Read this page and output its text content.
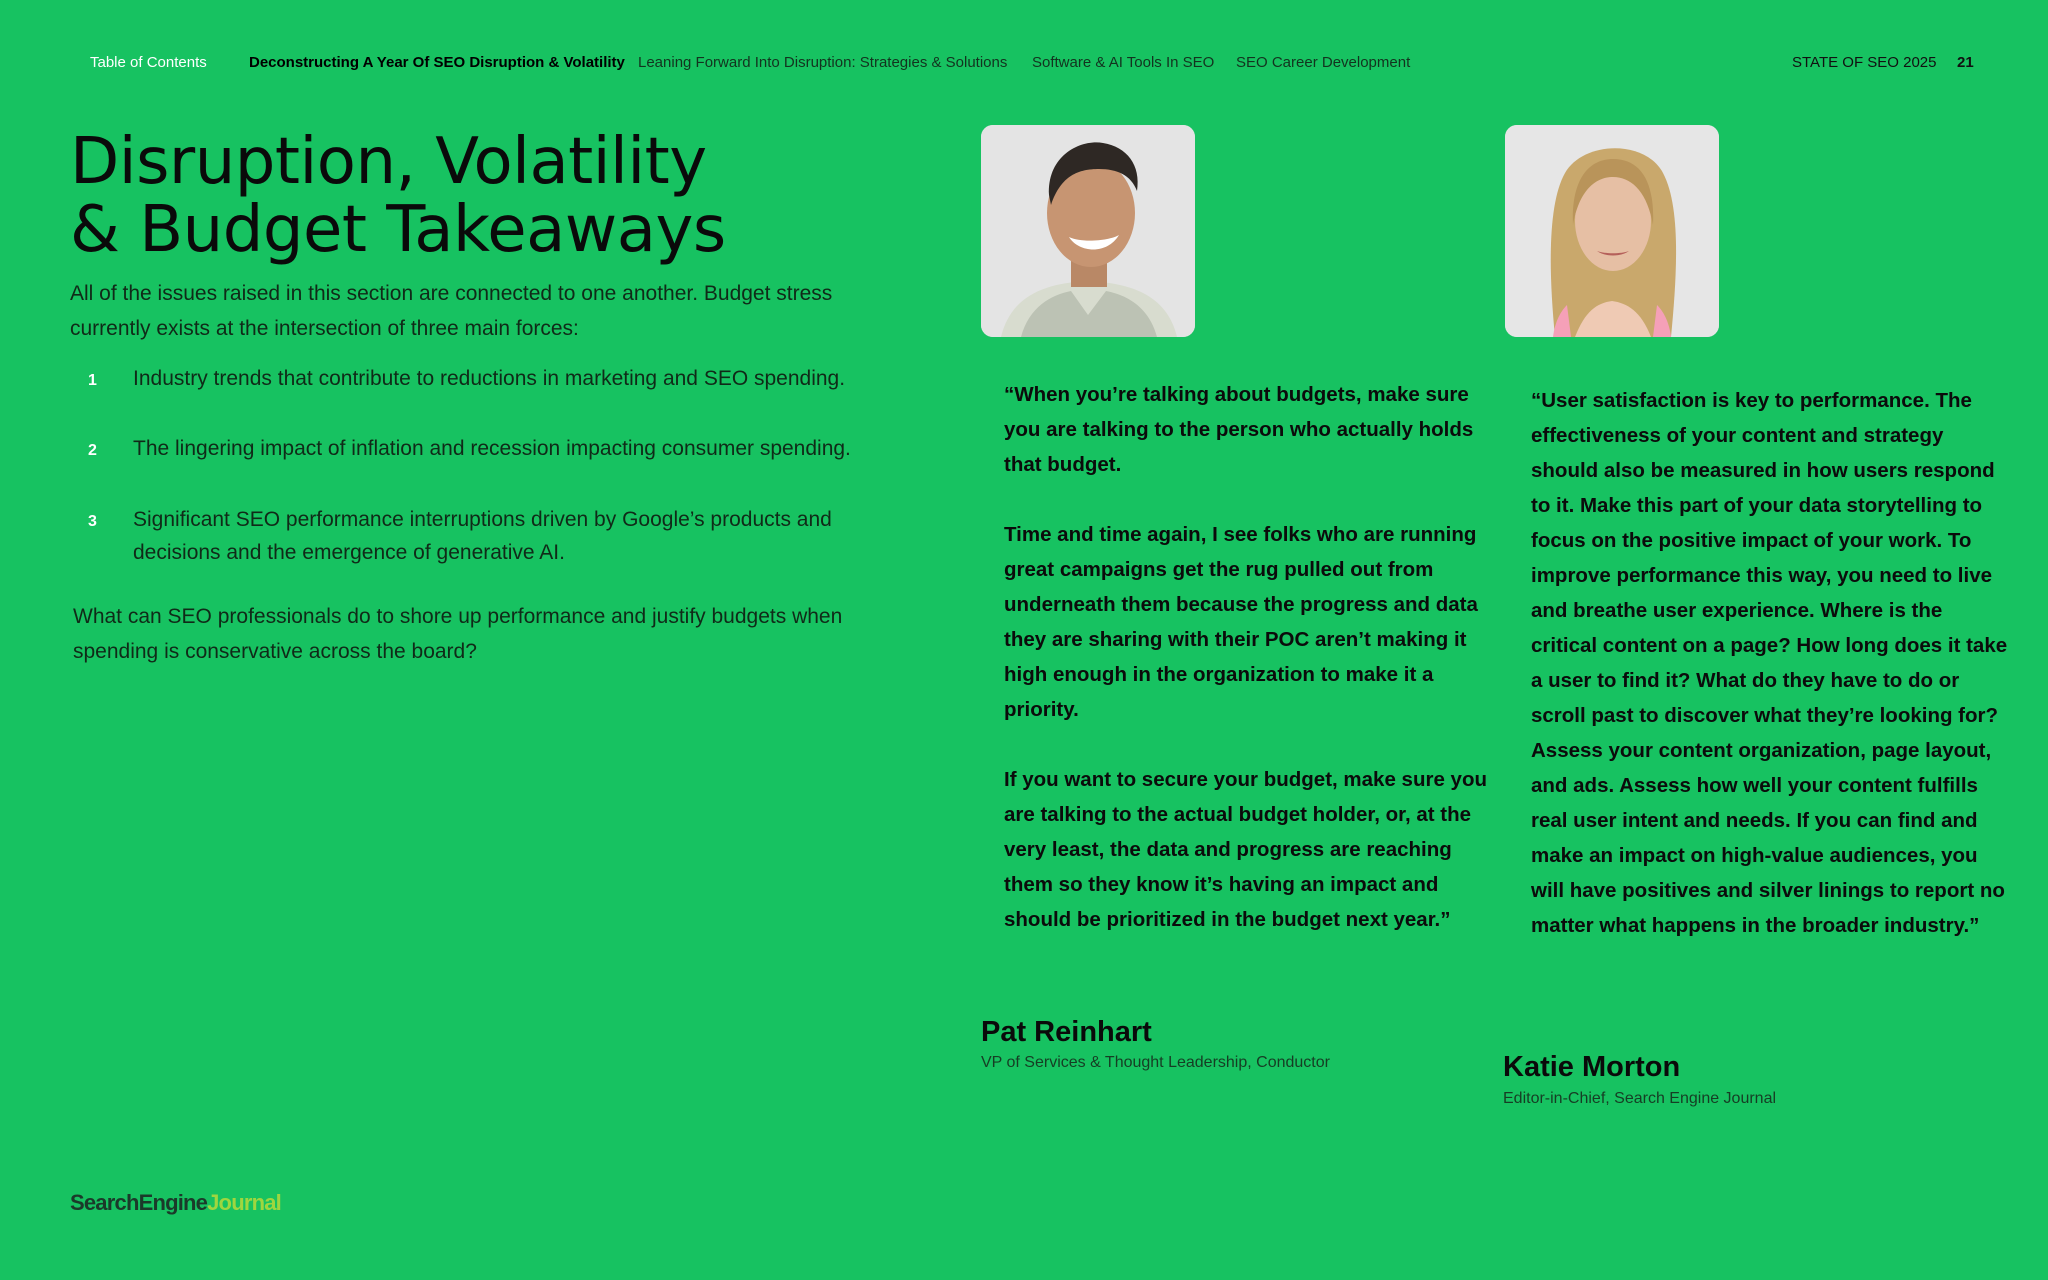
Table of Contents	Deconstructing A Year Of SEO Disruption & Volatility Leaning Forward Into Disruption: Strategies & Solutions Software & AI Tools In SEO SEO Career Development	STATE OF SEO 2025 21
Disruption, Volatility
& Budget Takeaways

All of the issues raised in this section are connected to one another. Budget stress currently exists at the intersection of three main forces:

1 Industry trends that contribute to reductions in marketing and SEO spending.
2 The lingering impact of inflation and recession impacting consumer spending.
3 Significant SEO performance interruptions driven by Google’s products and decisions and the emergence of generative AI.

What can SEO professionals do to shore up performance and justify budgets when spending is conservative across the board?

“When you’re talking about budgets, make sure you are talking to the person who actually holds that budget.

Time and time again, I see folks who are running great campaigns get the rug pulled out from underneath them because the progress and data they are sharing with their POC aren’t making it high enough in the organization to make it a priority.

If you want to secure your budget, make sure you are talking to the actual budget holder, or, at the very least, the data and progress are reaching them so they know it’s having an impact and should be prioritized in the budget next year.”

“User satisfaction is key to performance. The effectiveness of your content and strategy should also be measured in how users respond to it. Make this part of your data storytelling to focus on the positive impact of your work. To improve performance this way, you need to live and breathe user experience. Where is the critical content on a page? How long does it take a user to find it? What do they have to do or scroll past to discover what they’re looking for? Assess your content organization, page layout, and ads. Assess how well your content fulfills real user intent and needs. If you can find and make an impact on high-value audiences, you will have positives and silver linings to report no matter what happens in the broader industry.”

Pat Reinhart
VP of Services & Thought Leadership, Conductor	Katie Morton
Editor-in-Chief, Search Engine Journal
SearchEngineJournal
